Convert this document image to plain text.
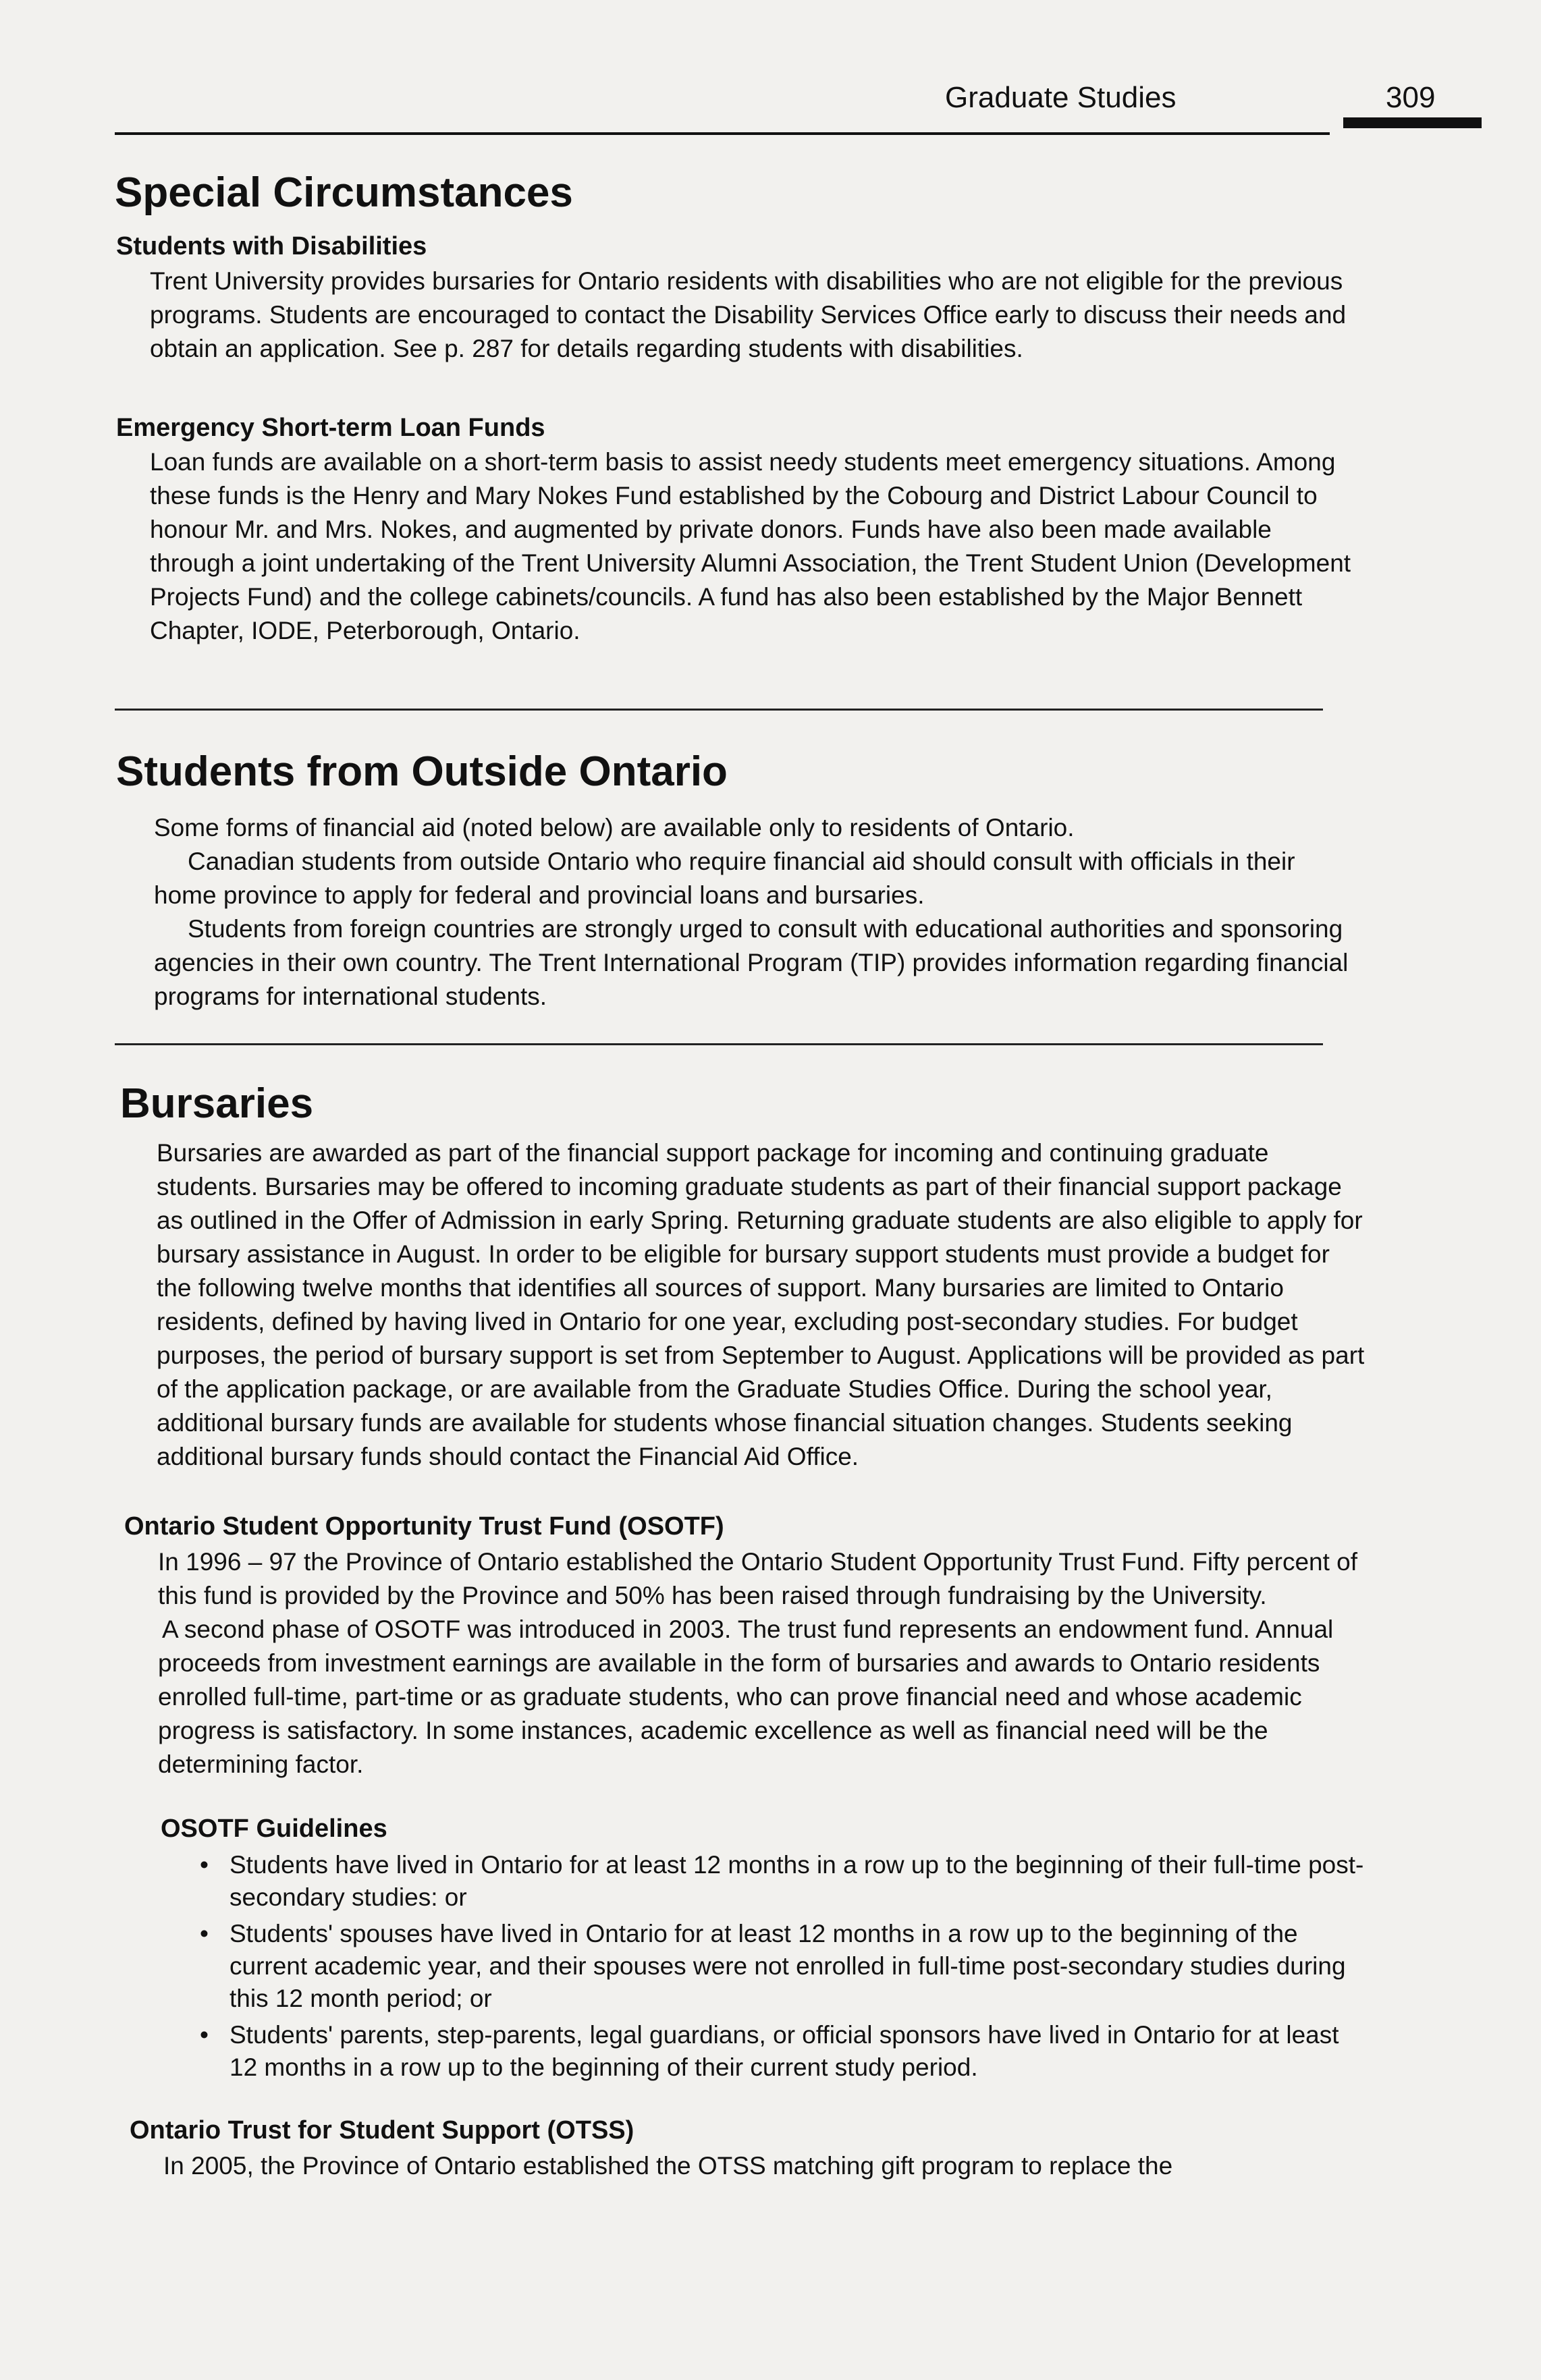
Graduate Studies	309
Special Circumstances
Students with Disabilities

Trent University provides bursaries for Ontario residents with disabilities who are not eligible for the previous programs. Students are encouraged to contact the Disability Services Office early to discuss their needs and obtain an application. See p. 287 for details regarding students with disabilities.

Emergency Short-term Loan Funds

Loan funds are available on a short-term basis to assist needy students meet emergency situations. Among these funds is the Henry and Mary Nokes Fund established by the Cobourg and District Labour Council to honour Mr. and Mrs. Nokes, and augmented by private donors. Funds have also been made available through a joint undertaking of the Trent University Alumni Association, the Trent Student Union (Development Projects Fund) and the college cabinets/councils. A fund has also been established by the Major Bennett Chapter, IODE, Peterborough, Ontario.

Students from Outside Ontario

Some forms of financial aid (noted below) are available only to residents of Ontario.

Canadian students from outside Ontario who require financial aid should consult with officials in their home province to apply for federal and provincial loans and bursaries.

Students from foreign countries are strongly urged to consult with educational authorities and sponsoring agencies in their own country. The Trent International Program (TIP) provides information regarding financial programs for international students.

Bursaries

Bursaries are awarded as part of the financial support package for incoming and continuing graduate students. Bursaries may be offered to incoming graduate students as part of their financial support package as outlined in the Offer of Admission in early Spring. Returning graduate students are also eligible to apply for bursary assistance in August. In order to be eligible for bursary support students must provide a budget for the following twelve months that identifies all sources of support. Many bursaries are limited to Ontario residents, defined by having lived in Ontario for one year, excluding post-secondary studies. For budget purposes, the period of bursary support is set from September to August. Applications will be provided as part of the application package, or are available from the Graduate Studies Office. During the school year, additional bursary funds are available for students whose financial situation changes. Students seeking additional bursary funds should contact the Financial Aid Office.

Ontario Student Opportunity Trust Fund (OSOTF)

In 1996 – 97 the Province of Ontario established the Ontario Student Opportunity Trust Fund. Fifty percent of this fund is provided by the Province and 50% has been raised through fundraising by the University.

A second phase of OSOTF was introduced in 2003. The trust fund represents an endowment fund. Annual proceeds from investment earnings are available in the form of bursaries and awards to Ontario residents enrolled full-time, part-time or as graduate students, who can prove financial need and whose academic progress is satisfactory. In some instances, academic excellence as well as financial need will be the determining factor.

OSOTF Guidelines
• Students have lived in Ontario for at least 12 months in a row up to the beginning of their full-time post-secondary studies: or
• Students' spouses have lived in Ontario for at least 12 months in a row up to the beginning of the current academic year, and their spouses were not enrolled in full-time post-secondary studies during this 12 month period; or
• Students' parents, step-parents, legal guardians, or official sponsors have lived in Ontario for at least 12 months in a row up to the beginning of their current study period.
Ontario Trust for Student Support (OTSS)

In 2005, the Province of Ontario established the OTSS matching gift program to replace the
